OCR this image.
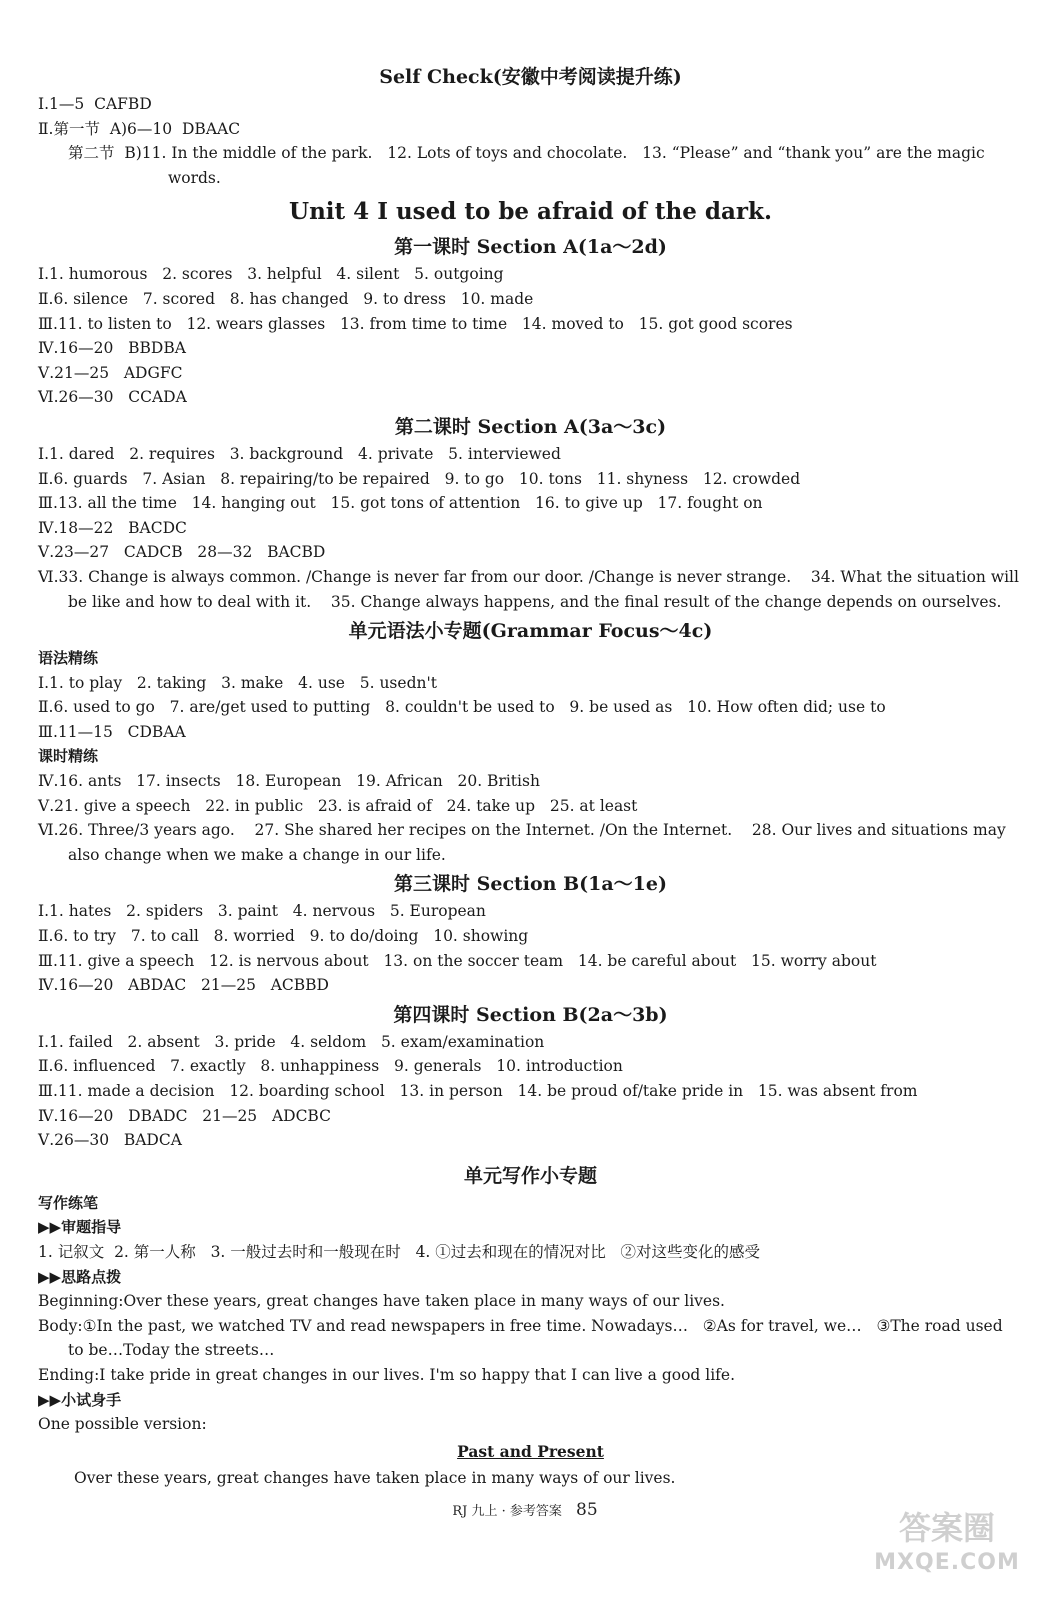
Self Check(安徽中考阅读提升练)
Ⅰ.1—5  CAFBD
Ⅱ.第一节  A)6—10  DBAAC
第二节  B)11. In the middle of the park.   12. Lots of toys and chocolate.   13. “Please” and “thank you” are the magic words.
Unit 4 I used to be afraid of the dark.
第一课时 Section A(1a～2d)
Ⅰ.1. humorous   2. scores   3. helpful   4. silent   5. outgoing
Ⅱ.6. silence   7. scored   8. has changed   9. to dress   10. made
Ⅲ.11. to listen to   12. wears glasses   13. from time to time   14. moved to   15. got good scores
Ⅳ.16—20   BBDBA
Ⅴ.21—25   ADGFC
Ⅵ.26—30   CCADA
第二课时 Section A(3a～3c)
Ⅰ.1. dared   2. requires   3. background   4. private   5. interviewed
Ⅱ.6. guards   7. Asian   8. repairing/to be repaired   9. to go   10. tons   11. shyness   12. crowded
Ⅲ.13. all the time   14. hanging out   15. got tons of attention   16. to give up   17. fought on
Ⅳ.18—22   BACDC
Ⅴ.23—27   CADCB   28—32   BACBD
Ⅵ.33. Change is always common. /Change is never far from our door. /Change is never strange.    34. What the situation will be like and how to deal with it.    35. Change always happens, and the final result of the change depends on ourselves.
单元语法小专题(Grammar Focus～4c)
语法精练
Ⅰ.1. to play   2. taking   3. make   4. use   5. usedn't
Ⅱ.6. used to go   7. are/get used to putting   8. couldn't be used to   9. be used as   10. How often did; use to
Ⅲ.11—15   CDBAA
课时精练
Ⅳ.16. ants   17. insects   18. European   19. African   20. British
Ⅴ.21. give a speech   22. in public   23. is afraid of   24. take up   25. at least
Ⅵ.26. Three/3 years ago.    27. She shared her recipes on the Internet. /On the Internet.    28. Our lives and situations may also change when we make a change in our life.
第三课时 Section B(1a～1e)
Ⅰ.1. hates   2. spiders   3. paint   4. nervous   5. European
Ⅱ.6. to try   7. to call   8. worried   9. to do/doing   10. showing
Ⅲ.11. give a speech   12. is nervous about   13. on the soccer team   14. be careful about   15. worry about
Ⅳ.16—20   ABDAC   21—25   ACBBD
第四课时 Section B(2a～3b)
Ⅰ.1. failed   2. absent   3. pride   4. seldom   5. exam/examination
Ⅱ.6. influenced   7. exactly   8. unhappiness   9. generals   10. introduction
Ⅲ.11. made a decision   12. boarding school   13. in person   14. be proud of/take pride in   15. was absent from
Ⅳ.16—20   DBADC   21—25   ADCBC
Ⅴ.26—30   BADCA
单元写作小专题
写作练笔
▶▶审题指导
1. 记叙文  2. 第一人称   3. 一般过去时和一般现在时   4. ①过去和现在的情况对比   ②对这些变化的感受
▶▶思路点拨
Beginning:Over these years, great changes have taken place in many ways of our lives.
Body:①In the past, we watched TV and read newspapers in free time. Nowadays…   ②As for travel, we…   ③The road used to be…Today the streets…
Ending:I take pride in great changes in our lives. I'm so happy that I can live a good life.
▶▶小试身手
One possible version:
Past and Present
Over these years, great changes have taken place in many ways of our lives.
RJ 九上 · 参考答案 85	答案圈
MXQE.COM
